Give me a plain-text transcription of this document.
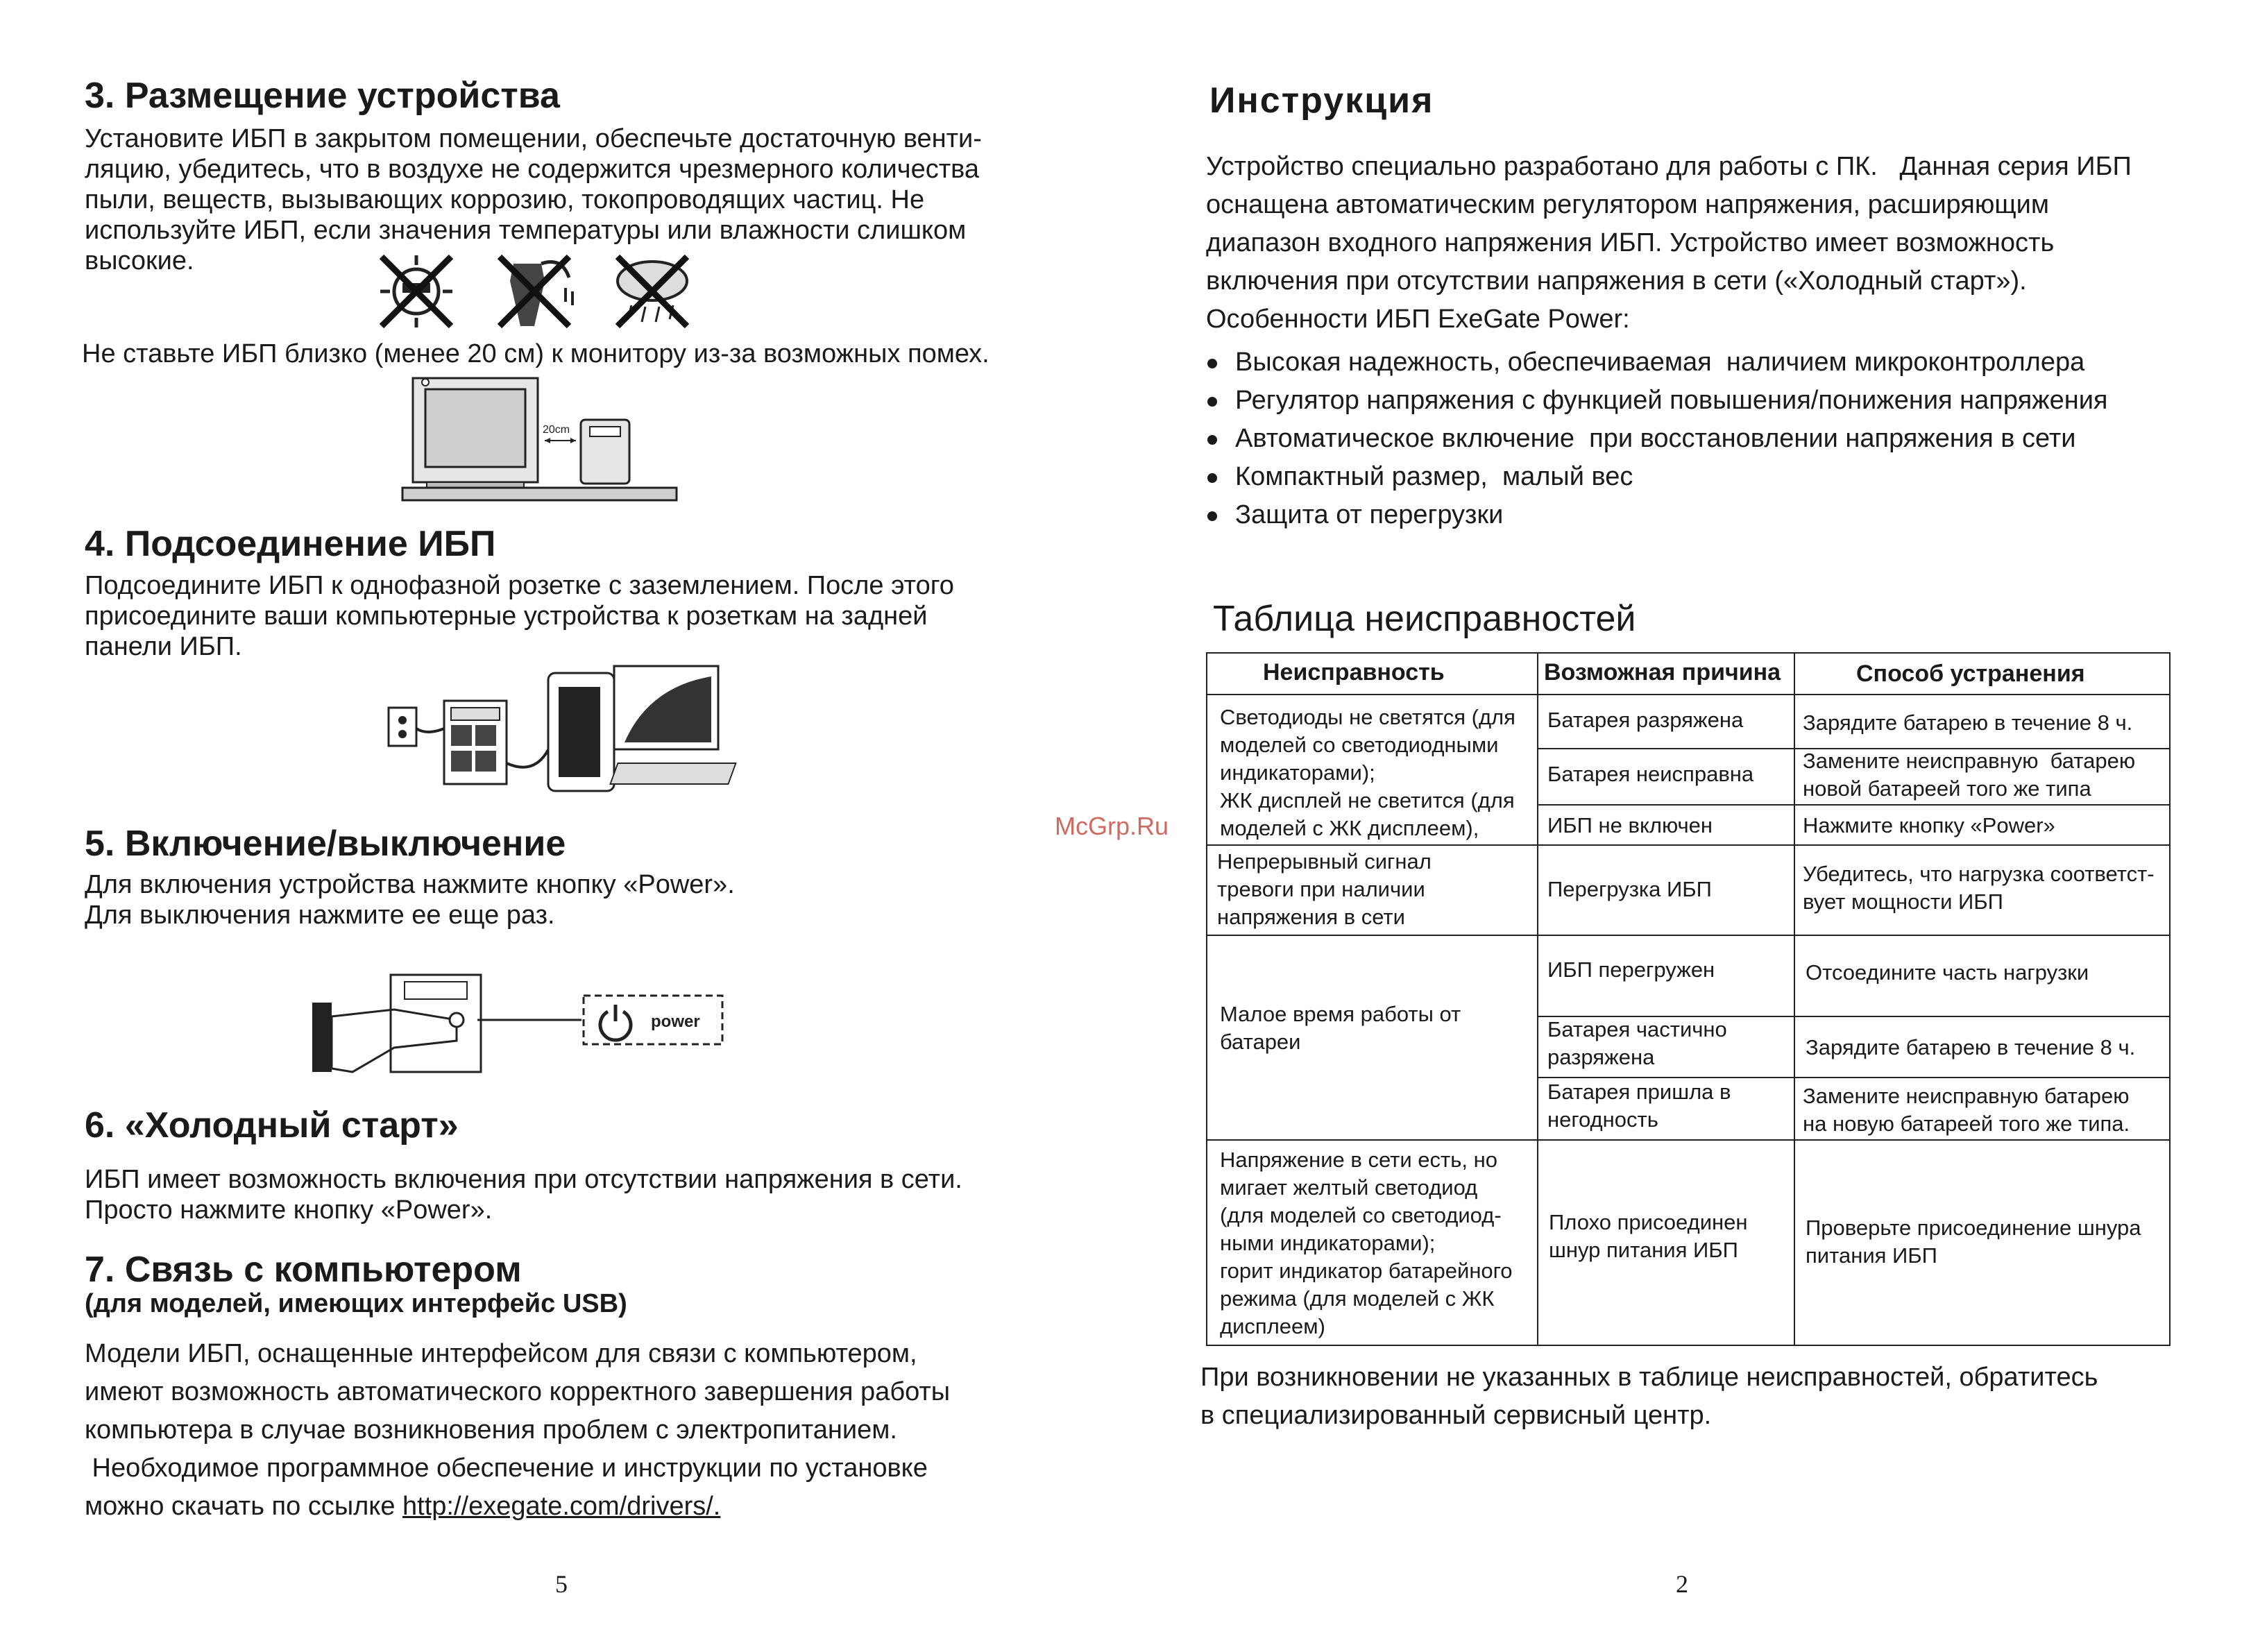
3. Размещение устройства
Установите ИБП в закрытом помещении, обеспечьте достаточную венти-
ляцию, убедитесь, что в воздухе не содержится чрезмерного количества
пыли, веществ, вызывающих коррозию, токопроводящих частиц. Не
используйте ИБП, если значения температуры или влажности слишком
высокие.
Не ставьте ИБП близко (менее 20 см) к монитору из-за возможных помех.
20cm
4. Подсоединение ИБП
Подсоедините ИБП к однофазной розетке с заземлением. После этого
присоедините ваши компьютерные устройства к розеткам на задней
панели ИБП.
5. Включение/выключение
Для включения устройства нажмите кнопку «Power».
Для выключения нажмите ее еще раз.
power
6. «Холодный старт»
ИБП имеет возможность включения при отсутствии напряжения в сети.
Просто нажмите кнопку «Power».
7. Связь с компьютером
(для моделей, имеющих интерфейс USB)
Модели ИБП, оснащенные интерфейсом для связи с компьютером,
имеют возможность автоматического корректного завершения работы
компьютера в случае возникновения проблем с электропитанием.
Необходимое программное обеспечение и инструкции по установке
можно скачать по ссылке http://exegate.com/drivers/.
5
McGrp.Ru
Инструкция
Устройство специально разработано для работы с ПК.   Данная серия ИБП
оснащена автоматическим регулятором напряжения, расширяющим
диапазон входного напряжения ИБП. Устройство имеет возможность
включения при отсутствии напряжения в сети («Холодный старт»).
Особенности ИБП ExeGate Power:
Высокая надежность, обеспечиваемая  наличием микроконтроллера
Регулятор напряжения с функцией повышения/понижения напряжения
Автоматическое включение  при восстановлении напряжения в сети
Компактный размер,  малый вес
Защита от перегрузки
Таблица неисправностей
Неисправность	Возможная причина	Способ устранения
Светодиоды не светятся (для
моделей со светодиодными
индикаторами);
ЖК дисплей не светится (для
моделей с ЖК дисплеем),
Непрерывный сигнал
тревоги при наличии
напряжения в сети
Малое время работы от
батареи
Напряжение в сети есть, но
мигает желтый светодиод
(для моделей со светодиод-
ными индикаторами);
горит индикатор батарейного
режима (для моделей с ЖК
дисплеем)
Батарея разряжена
Батарея неисправна
ИБП не включен
Перегрузка ИБП
ИБП перегружен
Батарея частично
разряжена
Батарея пришла в
негодность
Плохо присоединен
шнур питания ИБП
Зарядите батарею в течение 8 ч.
Замените неисправную  батарею
новой батареей того же типа
Нажмите кнопку «Power»
Убедитесь, что нагрузка соответст-
вует мощности ИБП
Отсоедините часть нагрузки
Зарядите батарею в течение 8 ч.
Замените неисправную батарею
на новую батареей того же типа.
Проверьте присоединение шнура
питания ИБП
При возникновении не указанных в таблице неисправностей, обратитесь
в специализированный сервисный центр.
2
